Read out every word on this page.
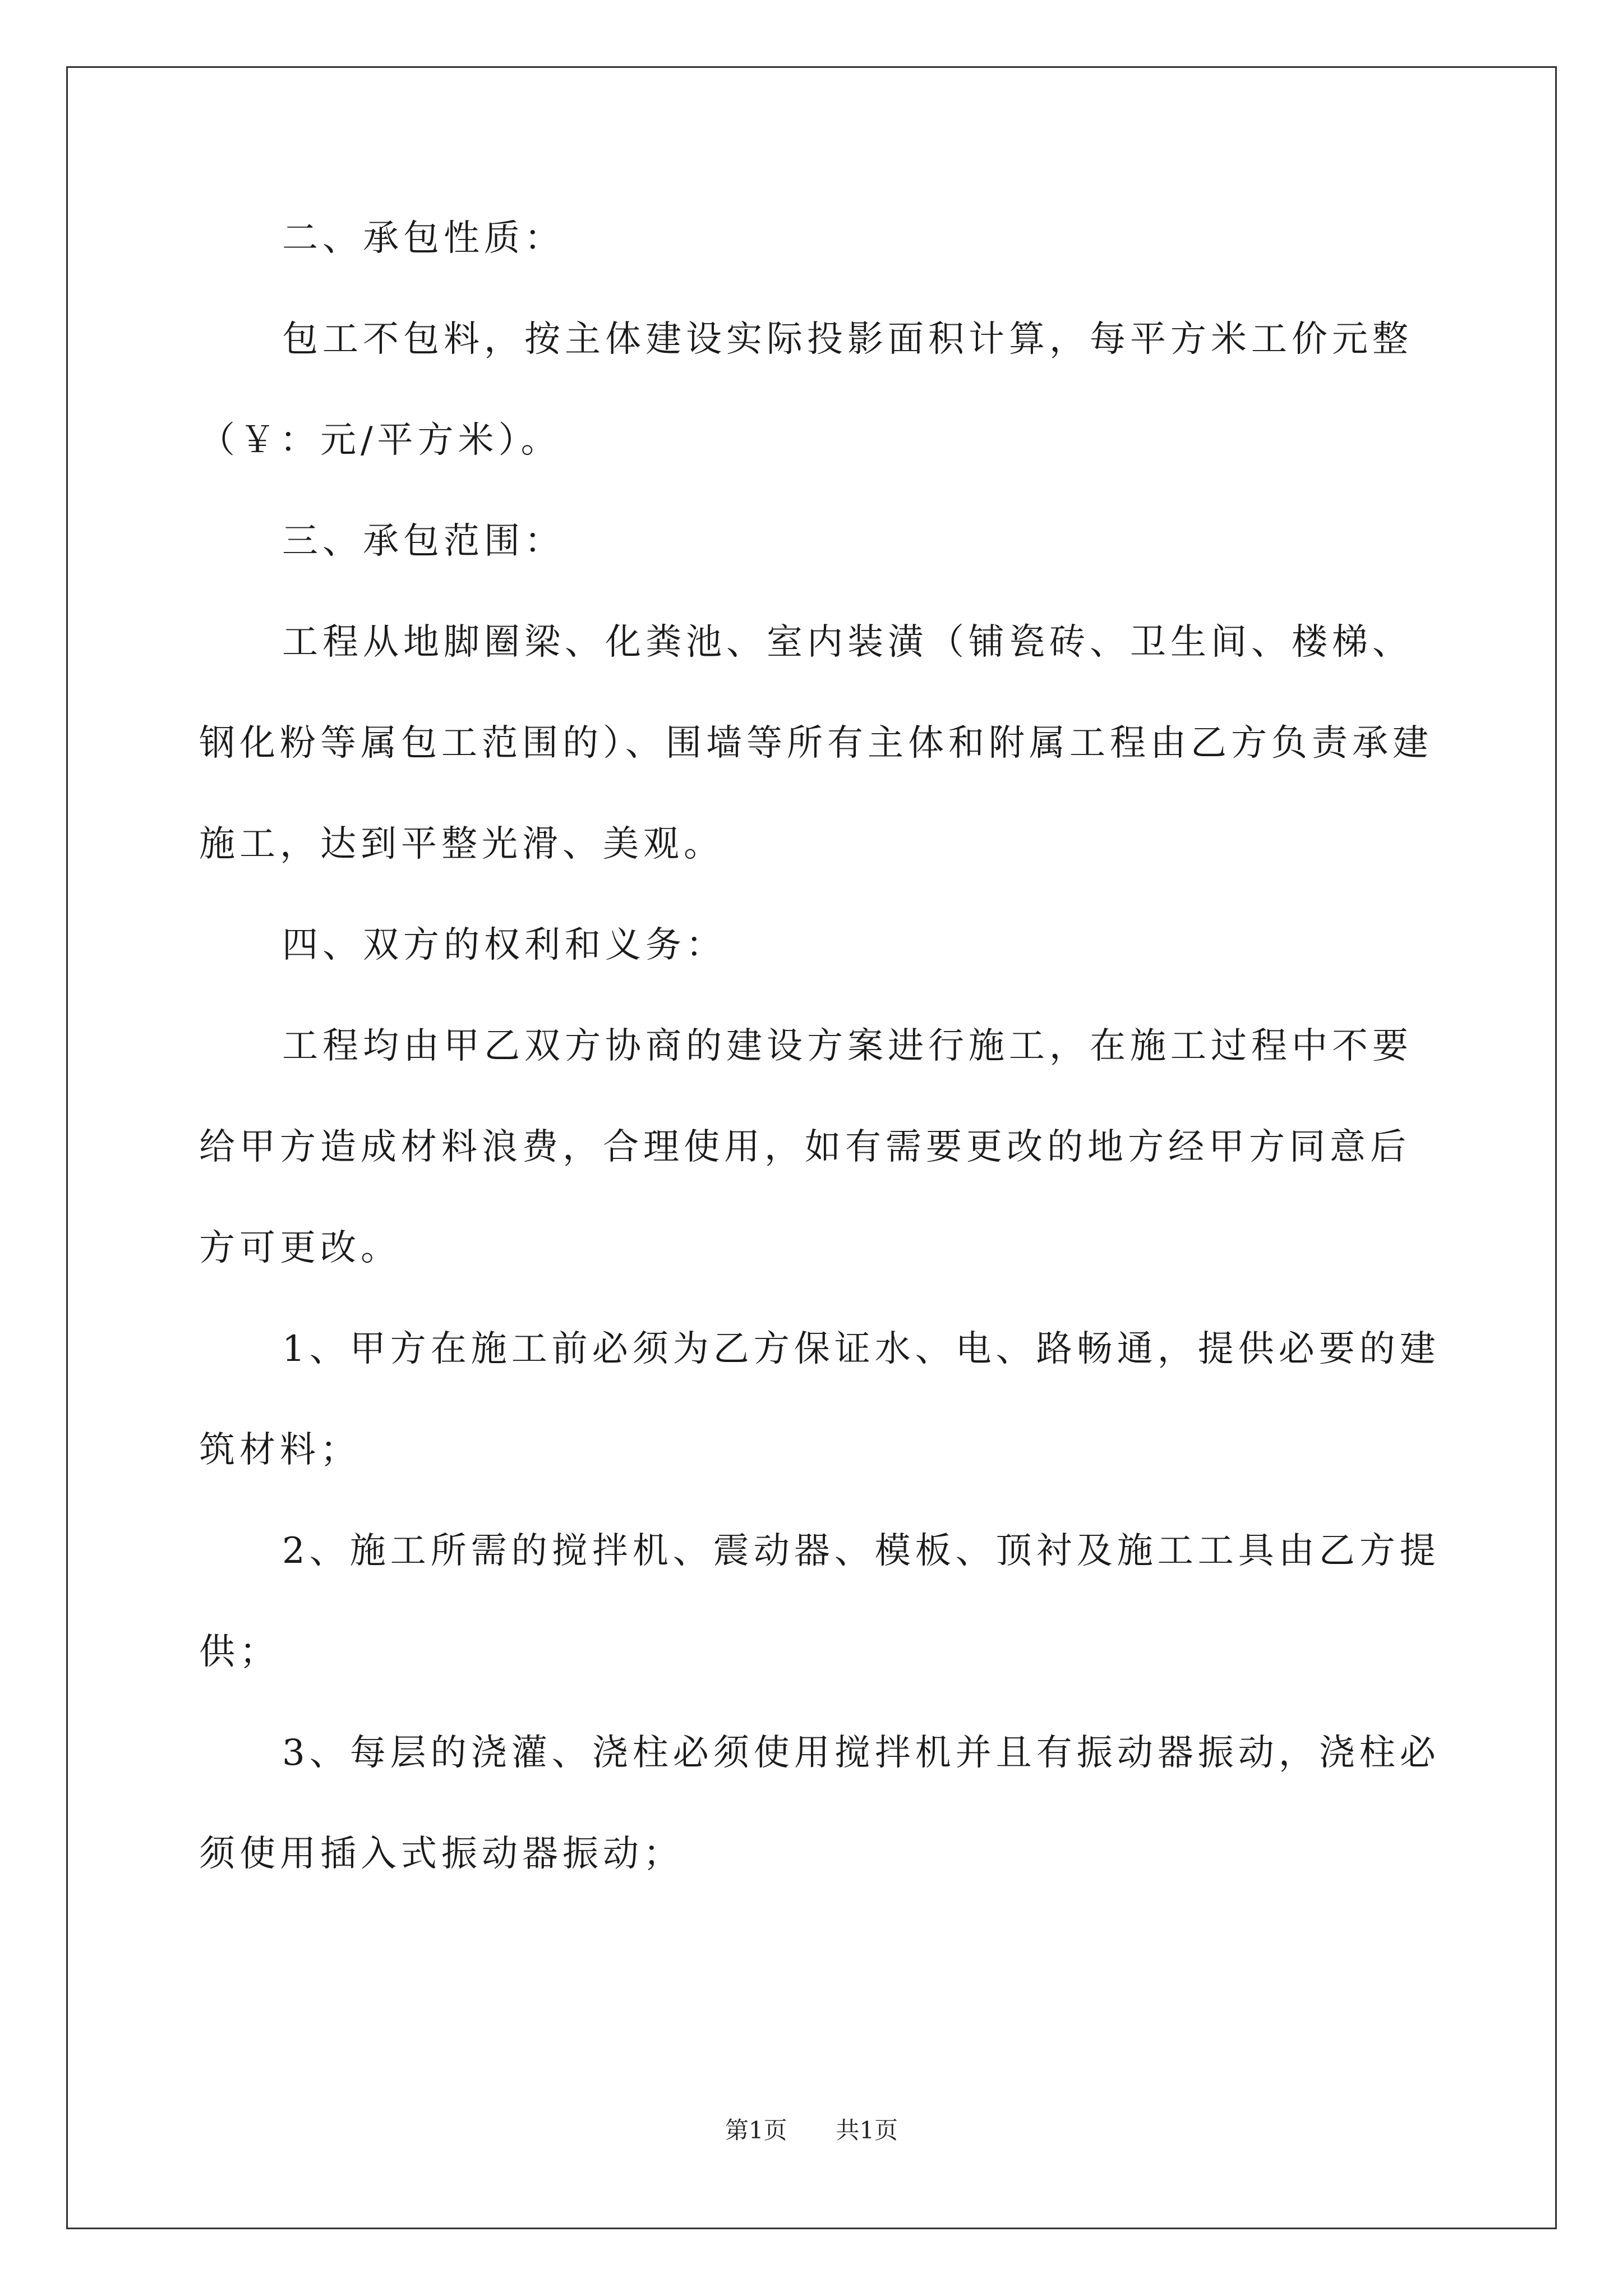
二、承包性质：

包工不包料，按主体建设实际投影面积计算，每平方米工价元整
（￥：元/平方米）。

三、承包范围：

工程从地脚圈梁、化粪池、室内装潢（铺瓷砖、卫生间、楼梯、
钢化粉等属包工范围的）、围墙等所有主体和附属工程由乙方负责承建
施工，达到平整光滑、美观。

四、双方的权利和义务：

工程均由甲乙双方协商的建设方案进行施工，在施工过程中不要
给甲方造成材料浪费，合理使用，如有需要更改的地方经甲方同意后
方可更改。

1、甲方在施工前必须为乙方保证水、电、路畅通，提供必要的建
筑材料；

2、施工所需的搅拌机、震动器、模板、顶衬及施工工具由乙方提
供；

3、每层的浇灌、浇柱必须使用搅拌机并且有振动器振动，浇柱必
须使用插入式振动器振动；

第1页 共1页
